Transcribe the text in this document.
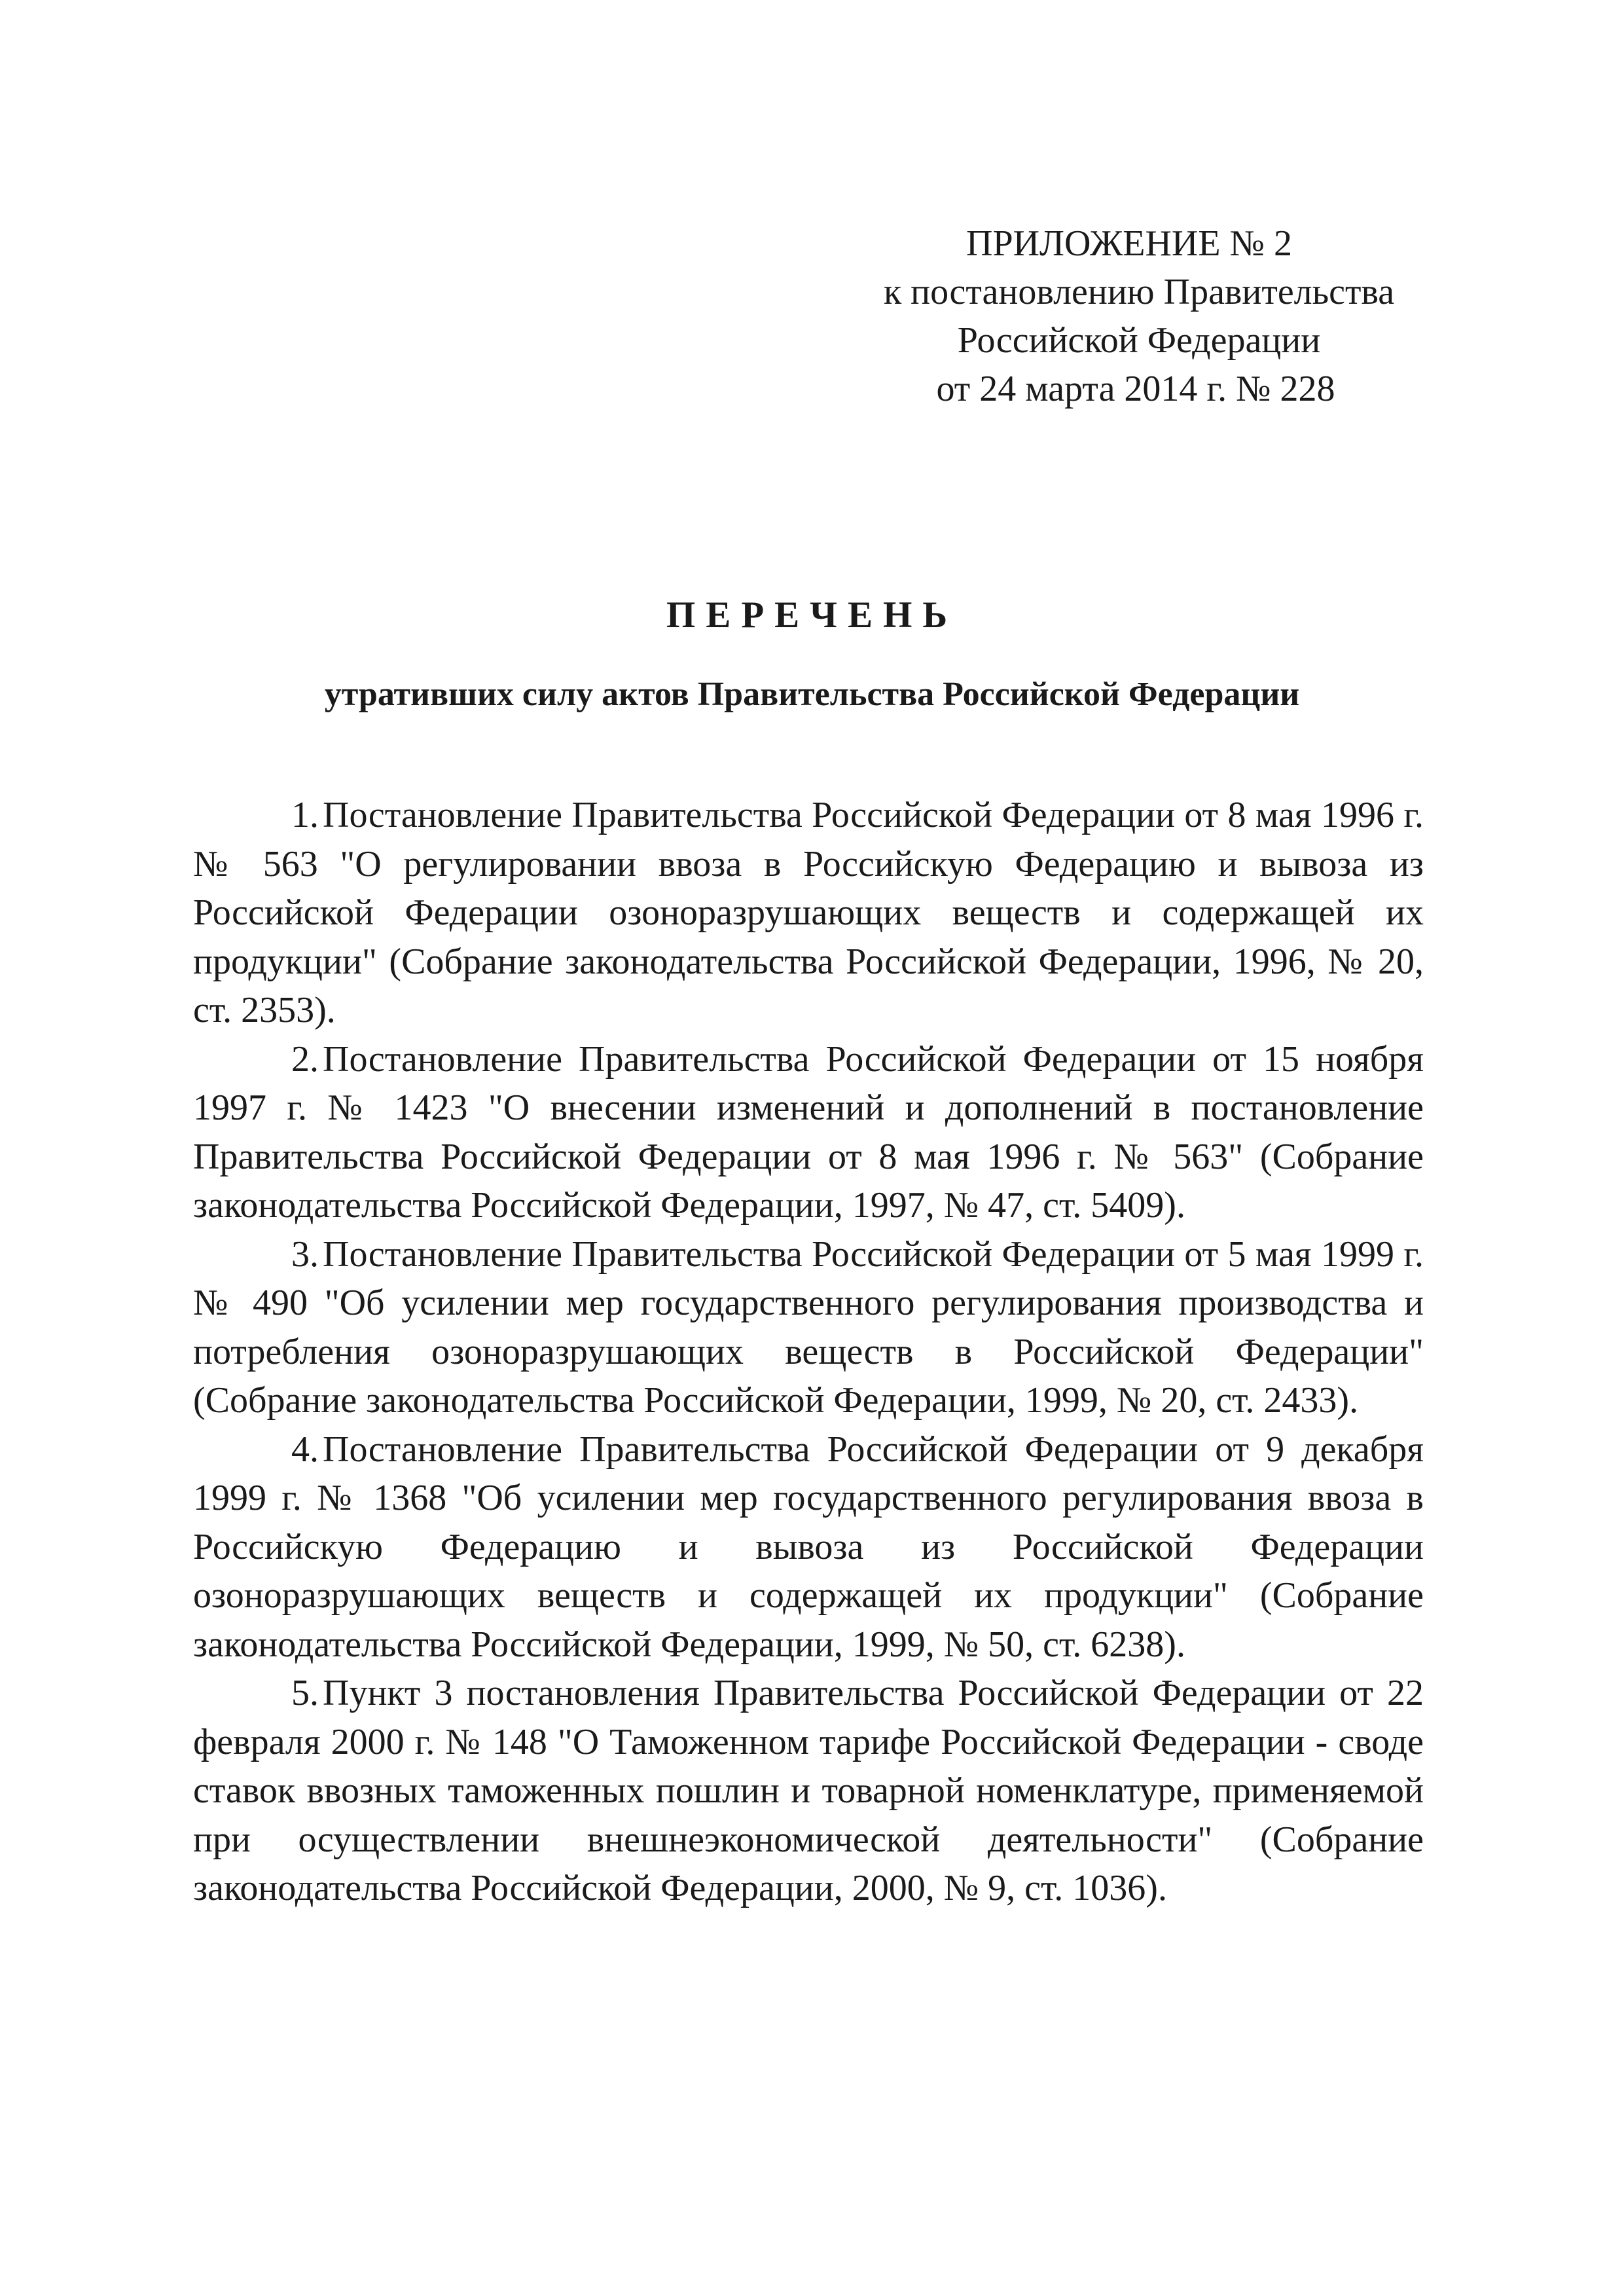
ПРИЛОЖЕНИЕ № 2
к постановлению Правительства
Российской Федерации
от 24 марта 2014 г. № 228
ПЕРЕЧЕНЬ
утративших силу актов Правительства Российской Федерации

1. Постановление Правительства Российской Федерации от 8 мая 1996 г. № 563 "О регулировании ввоза в Российскую Федерацию и вывоза из Российской Федерации озоноразрушающих веществ и содержащей их продукции" (Собрание законодательства Российской Федерации, 1996, № 20, ст. 2353).

2. Постановление Правительства Российской Федерации от 15 ноября 1997 г. № 1423 "О внесении изменений и дополнений в постановление Правительства Российской Федерации от 8 мая 1996 г. № 563" (Собрание законодательства Российской Федерации, 1997, № 47, ст. 5409).

3. Постановление Правительства Российской Федерации от 5 мая 1999 г. № 490 "Об усилении мер государственного регулирования производства и потребления озоноразрушающих веществ в Российской Федерации" (Собрание законодательства Российской Федерации, 1999, № 20, ст. 2433).

4. Постановление Правительства Российской Федерации от 9 декабря 1999 г. № 1368 "Об усилении мер государственного регулирования ввоза в Российскую Федерацию и вывоза из Российской Федерации озоноразрушающих веществ и содержащей их продукции" (Собрание законодательства Российской Федерации, 1999, № 50, ст. 6238).

5. Пункт 3 постановления Правительства Российской Федерации от 22 февраля 2000 г. № 148 "О Таможенном тарифе Российской Федерации - своде ставок ввозных таможенных пошлин и товарной номенклатуре, применяемой при осуществлении внешнеэкономической деятельности" (Собрание законодательства Российской Федерации, 2000, № 9, ст. 1036).
